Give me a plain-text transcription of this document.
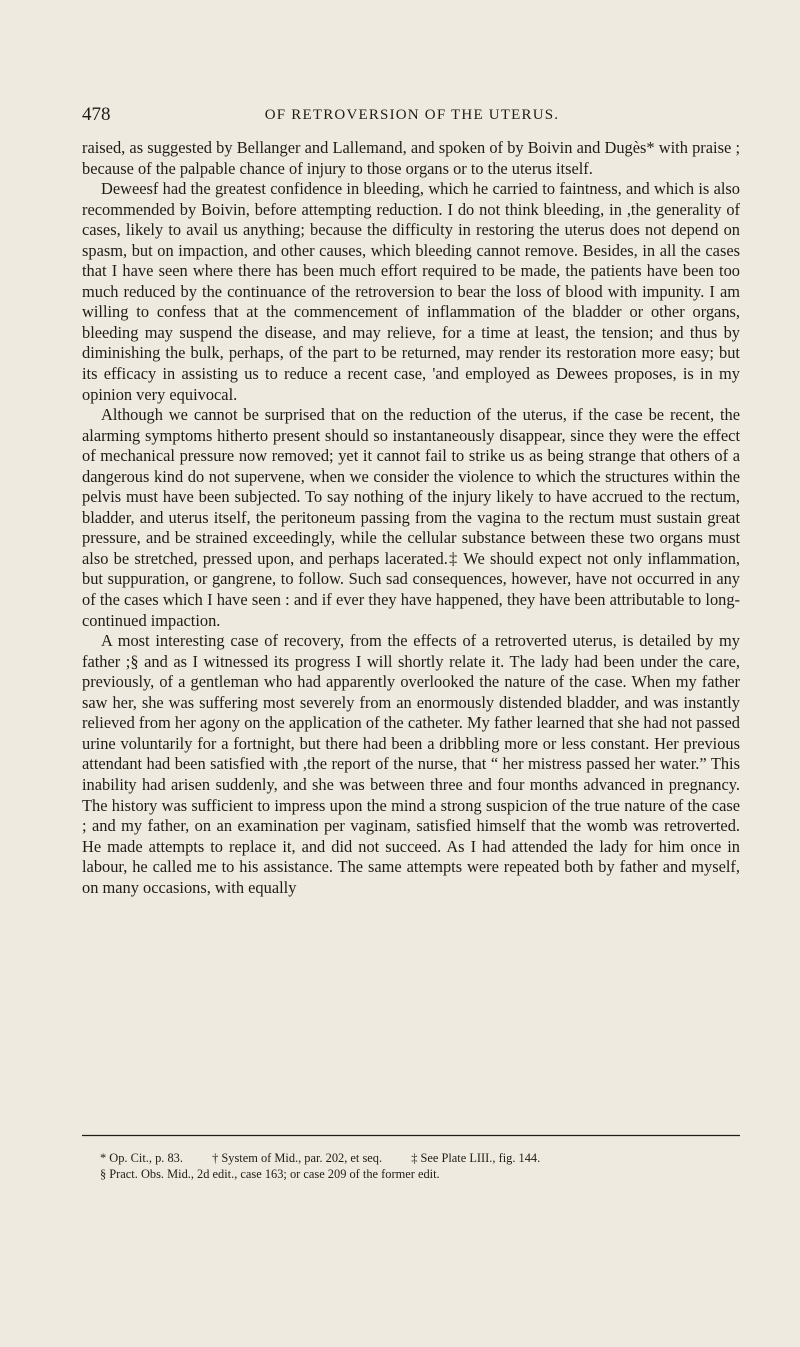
478	OF RETROVERSION OF THE UTERUS.

raised, as suggested by Bellanger and Lallemand, and spoken of by Boivin and Dugès* with praise ; because of the palpable chance of injury to those organs or to the uterus itself.

Deweesf had the greatest confidence in bleeding, which he carried to faintness, and which is also recommended by Boivin, before attempting reduction. I do not think bleeding, in ,the generality of cases, likely to avail us anything; because the difficulty in restoring the uterus does not depend on spasm, but on impaction, and other causes, which bleeding cannot remove. Besides, in all the cases that I have seen where there has been much effort required to be made, the patients have been too much reduced by the continuance of the retroversion to bear the loss of blood with impunity. I am willing to confess that at the commencement of inflammation of the bladder or other organs, bleeding may suspend the disease, and may relieve, for a time at least, the tension; and thus by diminishing the bulk, perhaps, of the part to be returned, may render its restoration more easy; but its efficacy in assisting us to reduce a recent case, 'and employed as Dewees proposes, is in my opinion very equivocal.

Although we cannot be surprised that on the reduction of the uterus, if the case be recent, the alarming symptoms hitherto present should so instantaneously disappear, since they were the effect of mechanical pressure now removed; yet it cannot fail to strike us as being strange that others of a dangerous kind do not supervene, when we consider the violence to which the structures within the pelvis must have been subjected. To say nothing of the injury likely to have accrued to the rectum, bladder, and uterus itself, the peritoneum passing from the vagina to the rectum must sustain great pressure, and be strained exceedingly, while the cellular substance between these two organs must also be stretched, pressed upon, and perhaps lacerated.‡ We should expect not only inflammation, but suppuration, or gangrene, to follow. Such sad consequences, however, have not occurred in any of the cases which I have seen : and if ever they have happened, they have been attributable to long-continued impaction.

A most interesting case of recovery, from the effects of a retroverted uterus, is detailed by my father ;§ and as I witnessed its progress I will shortly relate it. The lady had been under the care, previously, of a gentleman who had apparently overlooked the nature of the case. When my father saw her, she was suffering most severely from an enormously distended bladder, and was instantly relieved from her agony on the application of the catheter. My father learned that she had not passed urine voluntarily for a fortnight, but there had been a dribbling more or less constant. Her previous attendant had been satisfied with ,the report of the nurse, that “ her mistress passed her water.” This inability had arisen suddenly, and she was between three and four months advanced in pregnancy. The history was sufficient to impress upon the mind a strong suspicion of the true nature of the case ; and my father, on an examination per vaginam, satisfied himself that the womb was retroverted. He made attempts to replace it, and did not succeed. As I had attended the lady for him once in labour, he called me to his assistance. The same attempts were repeated both by father and myself, on many occasions, with equally

* Op. Cit., p. 83. † System of Mid., par. 202, et seq. ‡ See Plate LIII., fig. 144.
§ Pract. Obs. Mid., 2d edit., case 163; or case 209 of the former edit.
